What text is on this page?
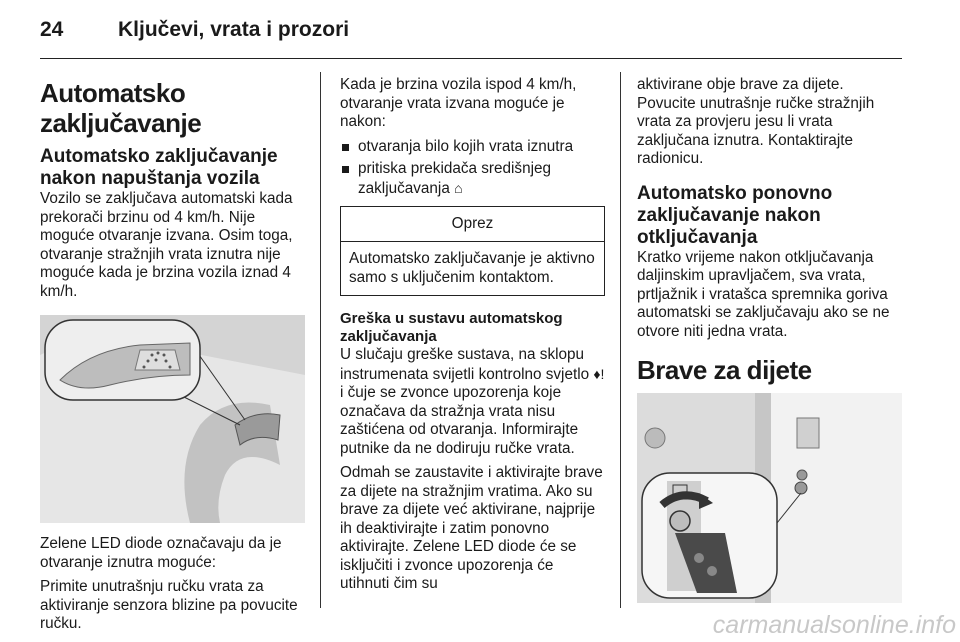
24	Ključevi, vrata i prozori
Automatsko zaključavanje
Automatsko zaključavanje nakon napuštanja vozila

Vozilo se zaključava automatski kada prekorači brzinu od 4 km/h. Nije moguće otvaranje izvana. Osim toga, otvaranje stražnjih vrata iznutra nije moguće kada je brzina vozila iznad 4 km/h.

Zelene LED diode označavaju da je otvaranje iznutra moguće:

Primite unutrašnju ručku vrata za aktiviranje senzora blizine pa povucite ručku.

Kada je brzina vozila ispod 4 km/h, otvaranje vrata izvana moguće je nakon:

otvaranja bilo kojih vrata iznutra
pritiska prekidača središnjeg zaključavanja ⌂
Oprez
Automatsko zaključavanje je aktivno samo s uključenim kontaktom.
Greška u sustavu automatskog zaključavanja

U slučaju greške sustava, na sklopu instrumenata svijetli kontrolno svjetlo ♦! i čuje se zvonce upozorenja koje označava da stražnja vrata nisu zaštićena od otvaranja. Informirajte putnike da ne dodiruju ručke vrata.

Odmah se zaustavite i aktivirajte brave za dijete na stražnjim vratima. Ako su brave za dijete već aktivirane, najprije ih deaktivirajte i zatim ponovno aktivirajte. Zelene LED diode će se isključiti i zvonce upozorenja će utihnuti čim su

aktivirane obje brave za dijete. Povucite unutrašnje ručke stražnjih vrata za provjeru jesu li vrata zaključana iznutra. Kontaktirajte radionicu.

Automatsko ponovno zaključavanje nakon otključavanja

Kratko vrijeme nakon otključavanja daljinskim upravljačem, sva vrata, prtljažnik i vratašca spremnika goriva automatski se zaključavaju ako se ne otvore niti jedna vrata.

Brave za dijete
carmanualsonline.info
